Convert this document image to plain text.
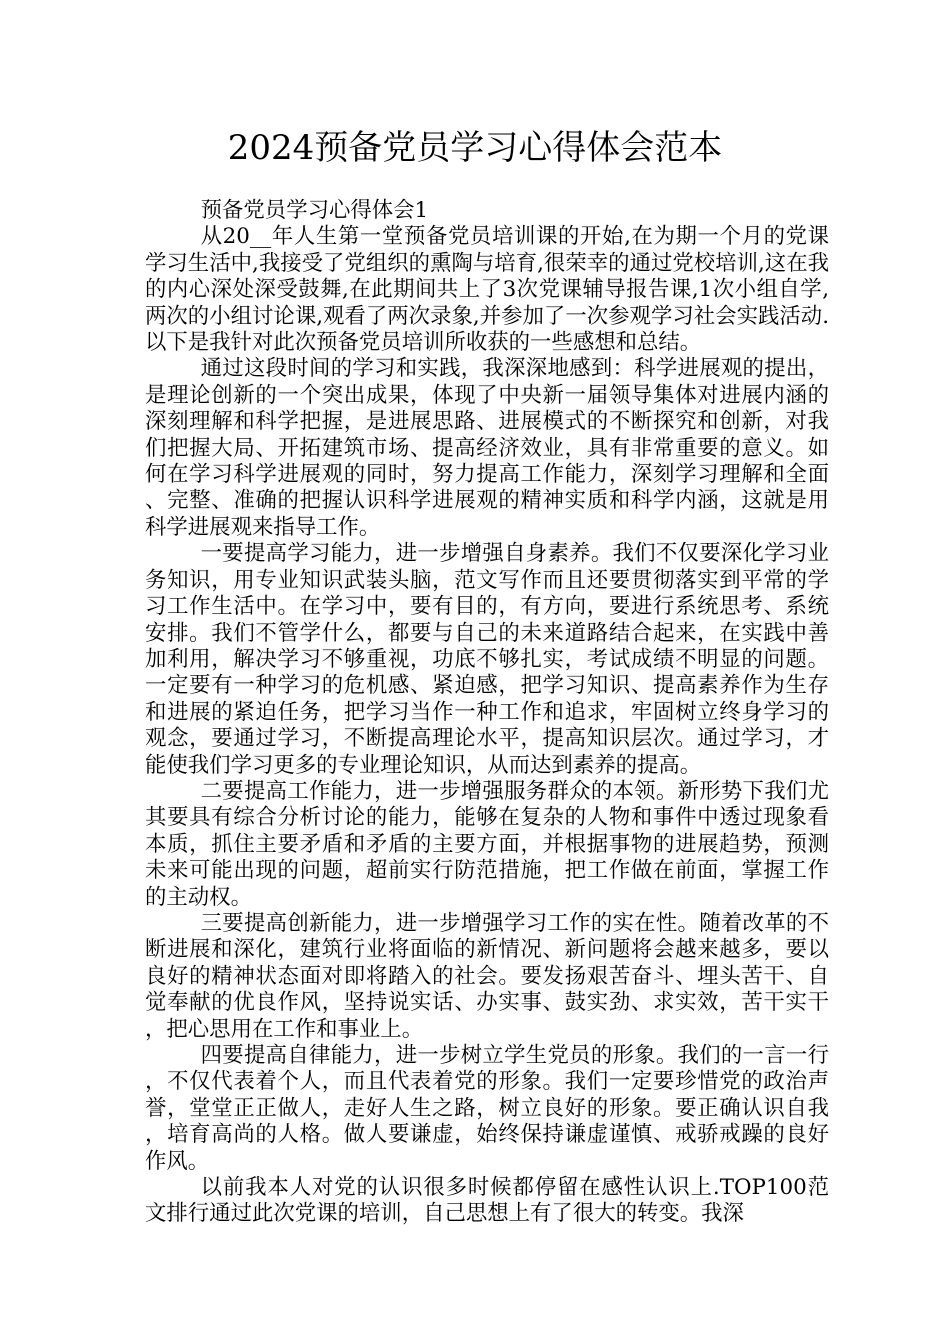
2024预备党员学习心得体会范本

预备党员学习心得体会1

从20__年人生第一堂预备党员培训课的开始,在为期一个月的党课学习生活中,我接受了党组织的熏陶与培育,很荣幸的通过党校培训,这在我的内心深处深受鼓舞,在此期间共上了3次党课辅导报告课,1次小组自学,两次的小组讨论课,观看了两次录象,并参加了一次参观学习社会实践活动.以下是我针对此次预备党员培训所收获的一些感想和总结。

通过这段时间的学习和实践，我深深地感到：科学进展观的提出，是理论创新的一个突出成果，体现了中央新一届领导集体对进展内涵的深刻理解和科学把握，是进展思路、进展模式的不断探究和创新，对我们把握大局、开拓建筑市场、提高经济效业，具有非常重要的意义。如何在学习科学进展观的同时，努力提高工作能力，深刻学习理解和全面、完整、准确的把握认识科学进展观的精神实质和科学内涵，这就是用科学进展观来指导工作。

一要提高学习能力，进一步增强自身素养。我们不仅要深化学习业务知识，用专业知识武装头脑，范文写作而且还要贯彻落实到平常的学习工作生活中。在学习中，要有目的，有方向，要进行系统思考、系统安排。我们不管学什么，都要与自己的未来道路结合起来，在实践中善加利用，解决学习不够重视，功底不够扎实，考试成绩不明显的问题。一定要有一种学习的危机感、紧迫感，把学习知识、提高素养作为生存和进展的紧迫任务，把学习当作一种工作和追求，牢固树立终身学习的观念，要通过学习，不断提高理论水平，提高知识层次。通过学习，才能使我们学习更多的专业理论知识，从而达到素养的提高。

二要提高工作能力，进一步增强服务群众的本领。新形势下我们尤其要具有综合分析讨论的能力，能够在复杂的人物和事件中透过现象看本质，抓住主要矛盾和矛盾的主要方面，并根据事物的进展趋势，预测未来可能出现的问题，超前实行防范措施，把工作做在前面，掌握工作的主动权。

三要提高创新能力，进一步增强学习工作的实在性。随着改革的不断进展和深化，建筑行业将面临的新情况、新问题将会越来越多，要以良好的精神状态面对即将踏入的社会。要发扬艰苦奋斗、埋头苦干、自觉奉献的优良作风，坚持说实话、办实事、鼓实劲、求实效，苦干实干，把心思用在工作和事业上。

四要提高自律能力，进一步树立学生党员的形象。我们的一言一行，不仅代表着个人，而且代表着党的形象。我们一定要珍惜党的政治声誉，堂堂正正做人，走好人生之路，树立良好的形象。要正确认识自我，培育高尚的人格。做人要谦虚，始终保持谦虚谨慎、戒骄戒躁的良好作风。

以前我本人对党的认识很多时候都停留在感性认识上.TOP100范文排行通过此次党课的培训，自己思想上有了很大的转变。我深
